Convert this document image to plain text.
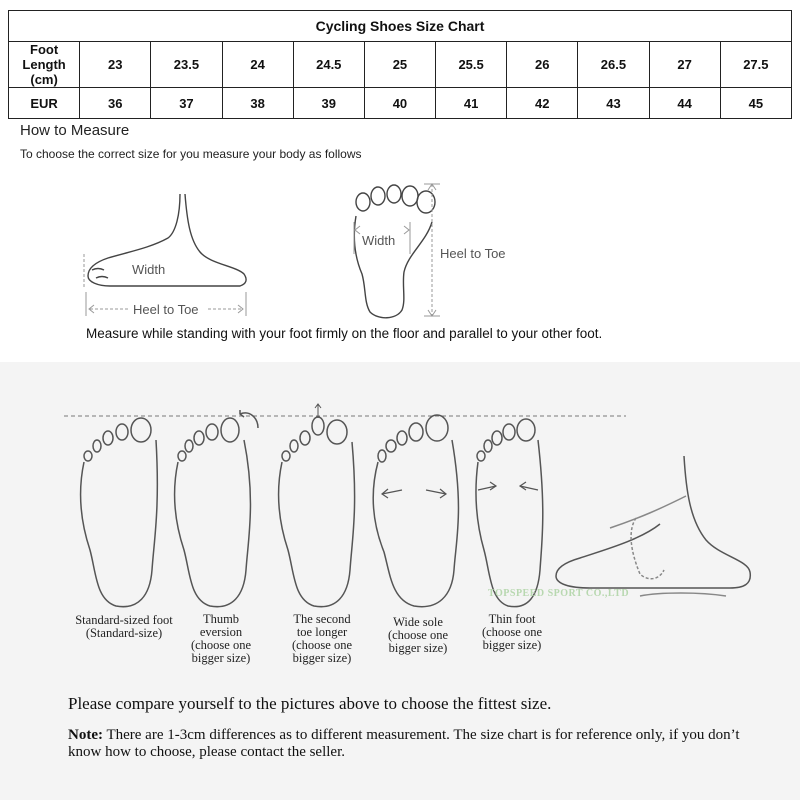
Cycling Shoes Size Chart										
Foot Length (cm)	23	23.5	24	24.5	25	25.5	26	26.5	27	27.5
EUR	36	37	38	39	40	41	42	43	44	45
How to Measure
To choose the correct size for you measure your body as follows
Width
Heel to Toe
Width
Heel to Toe
Measure while standing with your foot firmly on the floor and parallel to your other foot.
TOPSPEED SPORT CO.,LTD
Standard-sized foot
(Standard-size)
Thumb
eversion
(choose one
bigger size)
The second
toe longer
(choose one
bigger size)
Wide sole
(choose one
bigger size)
Thin foot
(choose one
bigger size)
Please compare yourself to the pictures above to choose the fittest size.
Note: There are 1-3cm differences as to different measurement. The size chart is for reference only, if you don’t know how to choose, please contact the seller.
